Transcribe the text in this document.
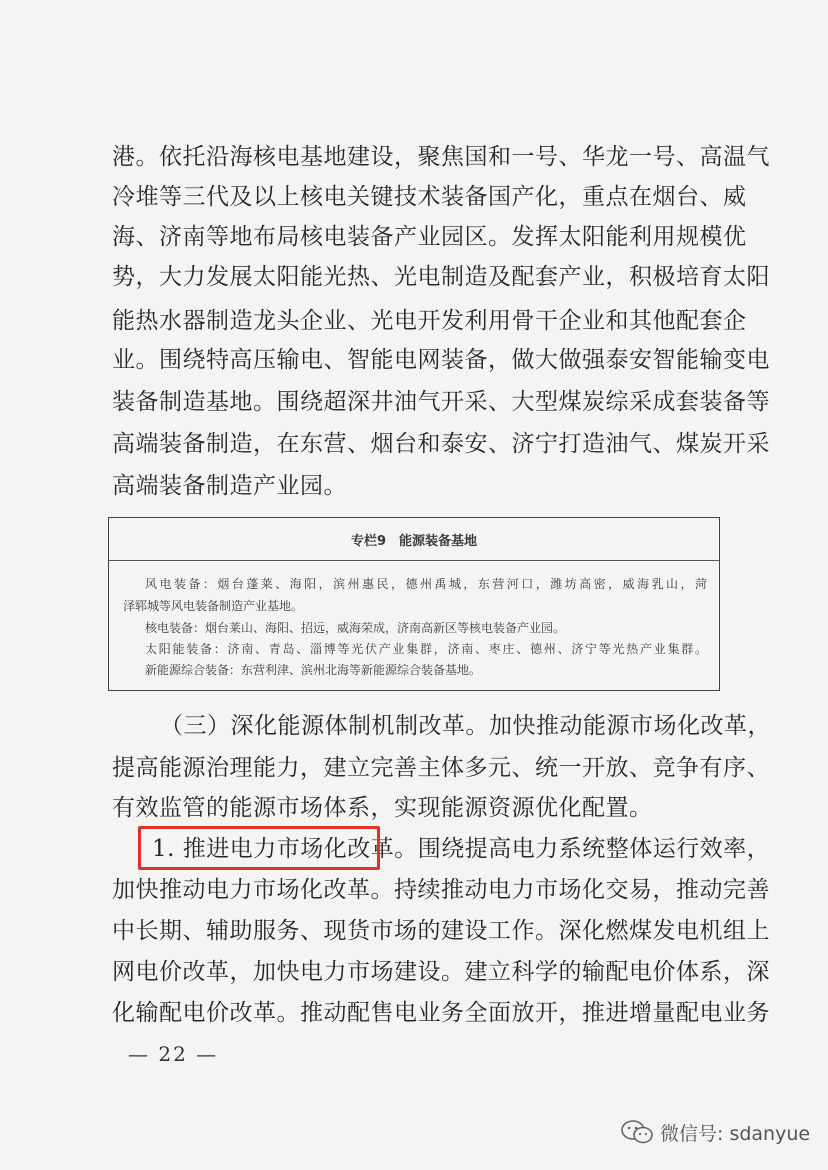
港。依托沿海核电基地建设，聚焦国和一号、华龙一号、高温气
冷堆等三代及以上核电关键技术装备国产化，重点在烟台、威
海、济南等地布局核电装备产业园区。发挥太阳能利用规模优
势，大力发展太阳能光热、光电制造及配套产业，积极培育太阳
能热水器制造龙头企业、光电开发利用骨干企业和其他配套企
业。围绕特高压输电、智能电网装备，做大做强泰安智能输变电
装备制造基地。围绕超深井油气开采、大型煤炭综采成套装备等
高端装备制造，在东营、烟台和泰安、济宁打造油气、煤炭开采
高端装备制造产业园。
专栏9　能源装备基地
风电装备：烟台蓬莱、海阳，滨州惠民，德州禹城，东营河口，潍坊高密，威海乳山，菏
泽郓城等风电装备制造产业基地。
核电装备：烟台莱山、海阳、招远，威海荣成，济南高新区等核电装备产业园。
太阳能装备：济南、青岛、淄博等光伏产业集群，济南、枣庄、德州、济宁等光热产业集群。
新能源综合装备：东营利津、滨州北海等新能源综合装备基地。
（三）深化能源体制机制改革。加快推动能源市场化改革，
提高能源治理能力，建立完善主体多元、统一开放、竞争有序、
有效监管的能源市场体系，实现能源资源优化配置。
1. 推进电力市场化改革。围绕提高电力系统整体运行效率，
加快推动电力市场化改革。持续推动电力市场化交易，推动完善
中长期、辅助服务、现货市场的建设工作。深化燃煤发电机组上
网电价改革，加快电力市场建设。建立科学的输配电价体系，深
化输配电价改革。推动配售电业务全面放开，推进增量配电业务
— 22 —
微信号: sdanyue
